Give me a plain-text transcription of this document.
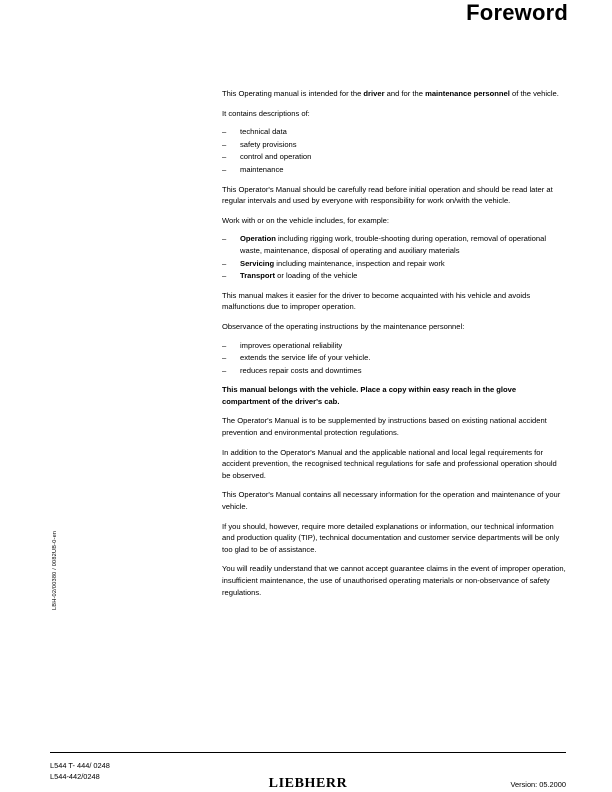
Foreword
LBH-02/00380 / 0082UB-0-en

This Operating manual is intended for the driver and for the maintenance personnel of the vehicle.

It contains descriptions of:

– technical data
– safety provisions
– control and operation
– maintenance

This Operator's Manual should be carefully read before initial operation and should be read later at regular intervals and used by everyone with responsibility for work on/with the vehicle.

Work with or on the vehicle includes, for example:

– Operation including rigging work, trouble-shooting during operation, removal of operational waste, maintenance, disposal of operating and auxiliary materials
– Servicing including maintenance, inspection and repair work
– Transport or loading of the vehicle

This manual makes it easier for the driver to become acquainted with his vehicle and avoids malfunctions due to improper operation.

Observance of the operating instructions by the maintenance personnel:

– improves operational reliability
– extends the service life of your vehicle.
– reduces repair costs and downtimes

This manual belongs with the vehicle. Place a copy within easy reach in the glove compartment of the driver's cab.

The Operator's Manual is to be supplemented by instructions based on existing national accident prevention and environmental protection regulations.

In addition to the Operator's Manual and the applicable national and local legal requirements for accident prevention, the recognised technical regulations for safe and professional operation should be observed.

This Operator's Manual contains all necessary information for the operation and maintenance of your vehicle.

If you should, however, require more detailed explanations or information, our technical information and production quality (TIP), technical documentation and customer service departments will be only too glad to be of assistance.

You will readily understand that we cannot accept guarantee claims in the event of improper operation, insufficient maintenance, the use of unauthorised operating materials or non-observance of safety regulations.

L544 T- 444/ 0248
L544-442/0248	LIEBHERR	Version: 05.2000
